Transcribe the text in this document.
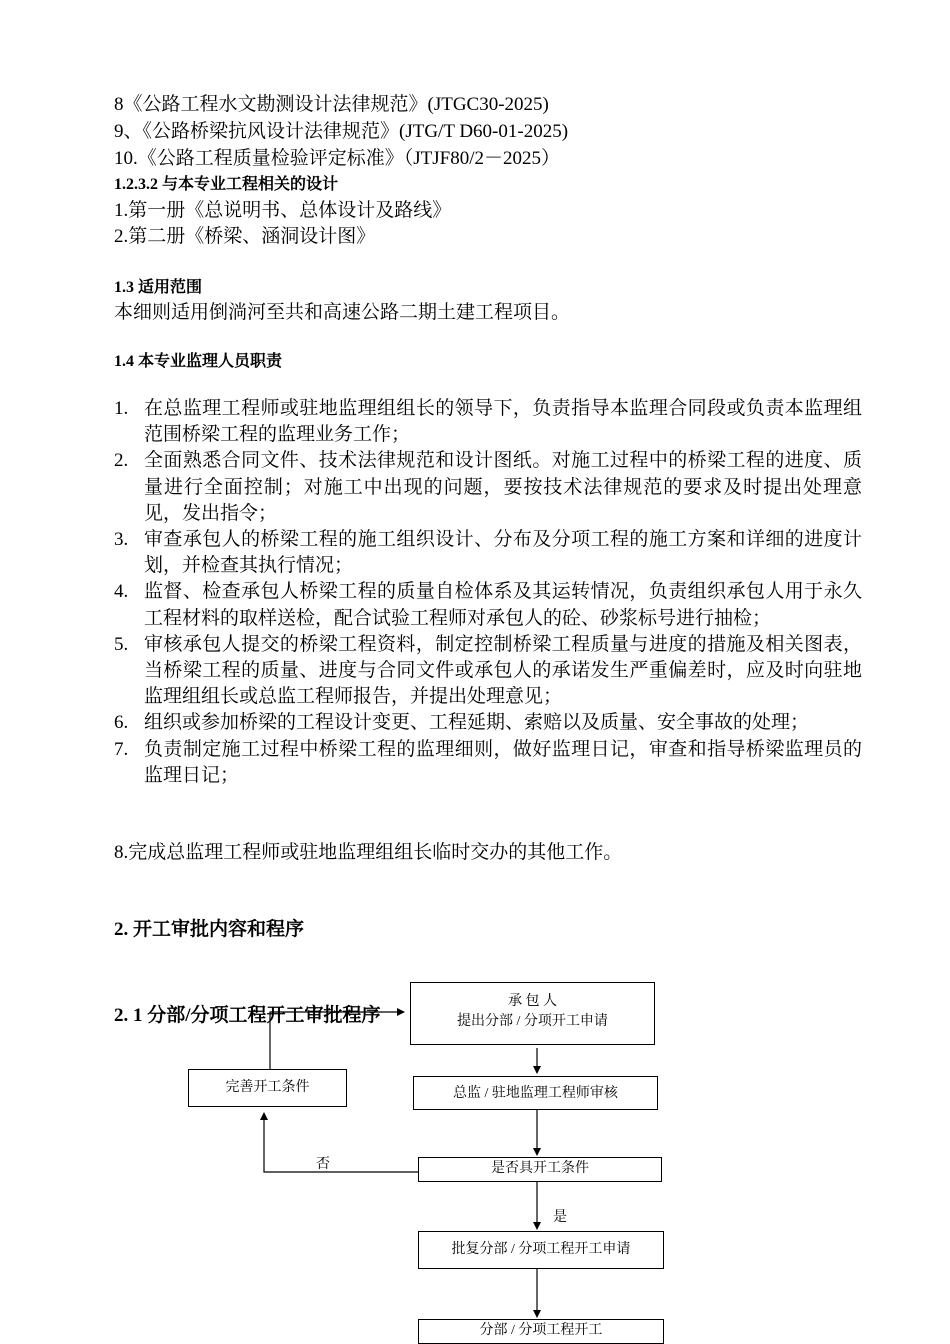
8《公路工程水文勘测设计法律规范》(JTGC30-2025)
9、《公路桥梁抗风设计法律规范》(JTG/T D60-01-2025)
10.《公路工程质量检验评定标准》（JTJF80/2－2025）
1.2.3.2 与本专业工程相关的设计
1.第一册《总说明书、总体设计及路线》
2.第二册《桥梁、涵洞设计图》
1.3 适用范围
本细则适用倒淌河至共和高速公路二期土建工程项目。
1.4 本专业监理人员职责
1. 在总监理工程师或驻地监理组组长的领导下，负责指导本监理合同段或负责本监理组范围桥梁工程的监理业务工作；
2. 全面熟悉合同文件、技术法律规范和设计图纸。对施工过程中的桥梁工程的进度、质量进行全面控制；对施工中出现的问题，要按技术法律规范的要求及时提出处理意见，发出指令；
3. 审查承包人的桥梁工程的施工组织设计、分布及分项工程的施工方案和详细的进度计划，并检查其执行情况；
4. 监督、检查承包人桥梁工程的质量自检体系及其运转情况，负责组织承包人用于永久工程材料的取样送检，配合试验工程师对承包人的砼、砂浆标号进行抽检；
5. 审核承包人提交的桥梁工程资料，制定控制桥梁工程质量与进度的措施及相关图表，当桥梁工程的质量、进度与合同文件或承包人的承诺发生严重偏差时，应及时向驻地监理组组长或总监工程师报告，并提出处理意见；
6. 组织或参加桥梁的工程设计变更、工程延期、索赔以及质量、安全事故的处理；
7. 负责制定施工过程中桥梁工程的监理细则，做好监理日记，审查和指导桥梁监理员的监理日记；
8.完成总监理工程师或驻地监理组组长临时交办的其他工作。
2. 开工审批内容和程序
2. 1 分部/分项工程开工审批程序
承 包 人
提出分部 / 分项开工申请
总监 / 驻地监理工程师审核
完善开工条件
是否具开工条件
否
是
批复分部 / 分项工程开工申请
分部 / 分项工程开工
